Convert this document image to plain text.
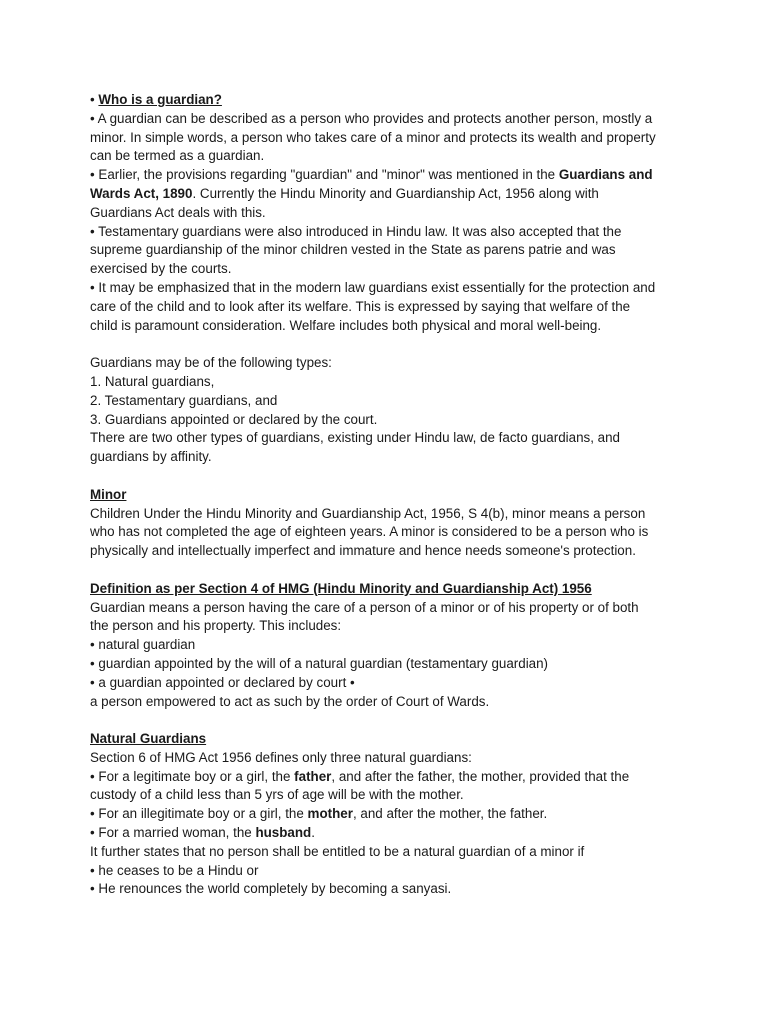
• Who is a guardian?
• A guardian can be described as a person who provides and protects another person, mostly a
minor. In simple words, a person who takes care of a minor and protects its wealth and property
can be termed as a guardian.
• Earlier, the provisions regarding "guardian" and "minor" was mentioned in the Guardians and
Wards Act, 1890. Currently the Hindu Minority and Guardianship Act, 1956 along with
Guardians Act deals with this.
• Testamentary guardians were also introduced in Hindu law. It was also accepted that the
supreme guardianship of the minor children vested in the State as parens patrie and was
exercised by the courts.
• It may be emphasized that in the modern law guardians exist essentially for the protection and
care of the child and to look after its welfare. This is expressed by saying that welfare of the
child is paramount consideration. Welfare includes both physical and moral well-being.
Guardians may be of the following types:
1. Natural guardians,
2. Testamentary guardians, and
3. Guardians appointed or declared by the court.
There are two other types of guardians, existing under Hindu law, de facto guardians, and
guardians by affinity.
Minor
Children Under the Hindu Minority and Guardianship Act, 1956, S 4(b), minor means a person
who has not completed the age of eighteen years. A minor is considered to be a person who is
physically and intellectually imperfect and immature and hence needs someone's protection.
Definition as per Section 4 of HMG (Hindu Minority and Guardianship Act) 1956
Guardian means a person having the care of a person of a minor or of his property or of both
the person and his property. This includes:
• natural guardian
• guardian appointed by the will of a natural guardian (testamentary guardian)
• a guardian appointed or declared by court •
a person empowered to act as such by the order of Court of Wards.
Natural Guardians
Section 6 of HMG Act 1956 defines only three natural guardians:
• For a legitimate boy or a girl, the father, and after the father, the mother, provided that the
custody of a child less than 5 yrs of age will be with the mother.
• For an illegitimate boy or a girl, the mother, and after the mother, the father.
• For a married woman, the husband.
It further states that no person shall be entitled to be a natural guardian of a minor if
• he ceases to be a Hindu or
• He renounces the world completely by becoming a sanyasi.
